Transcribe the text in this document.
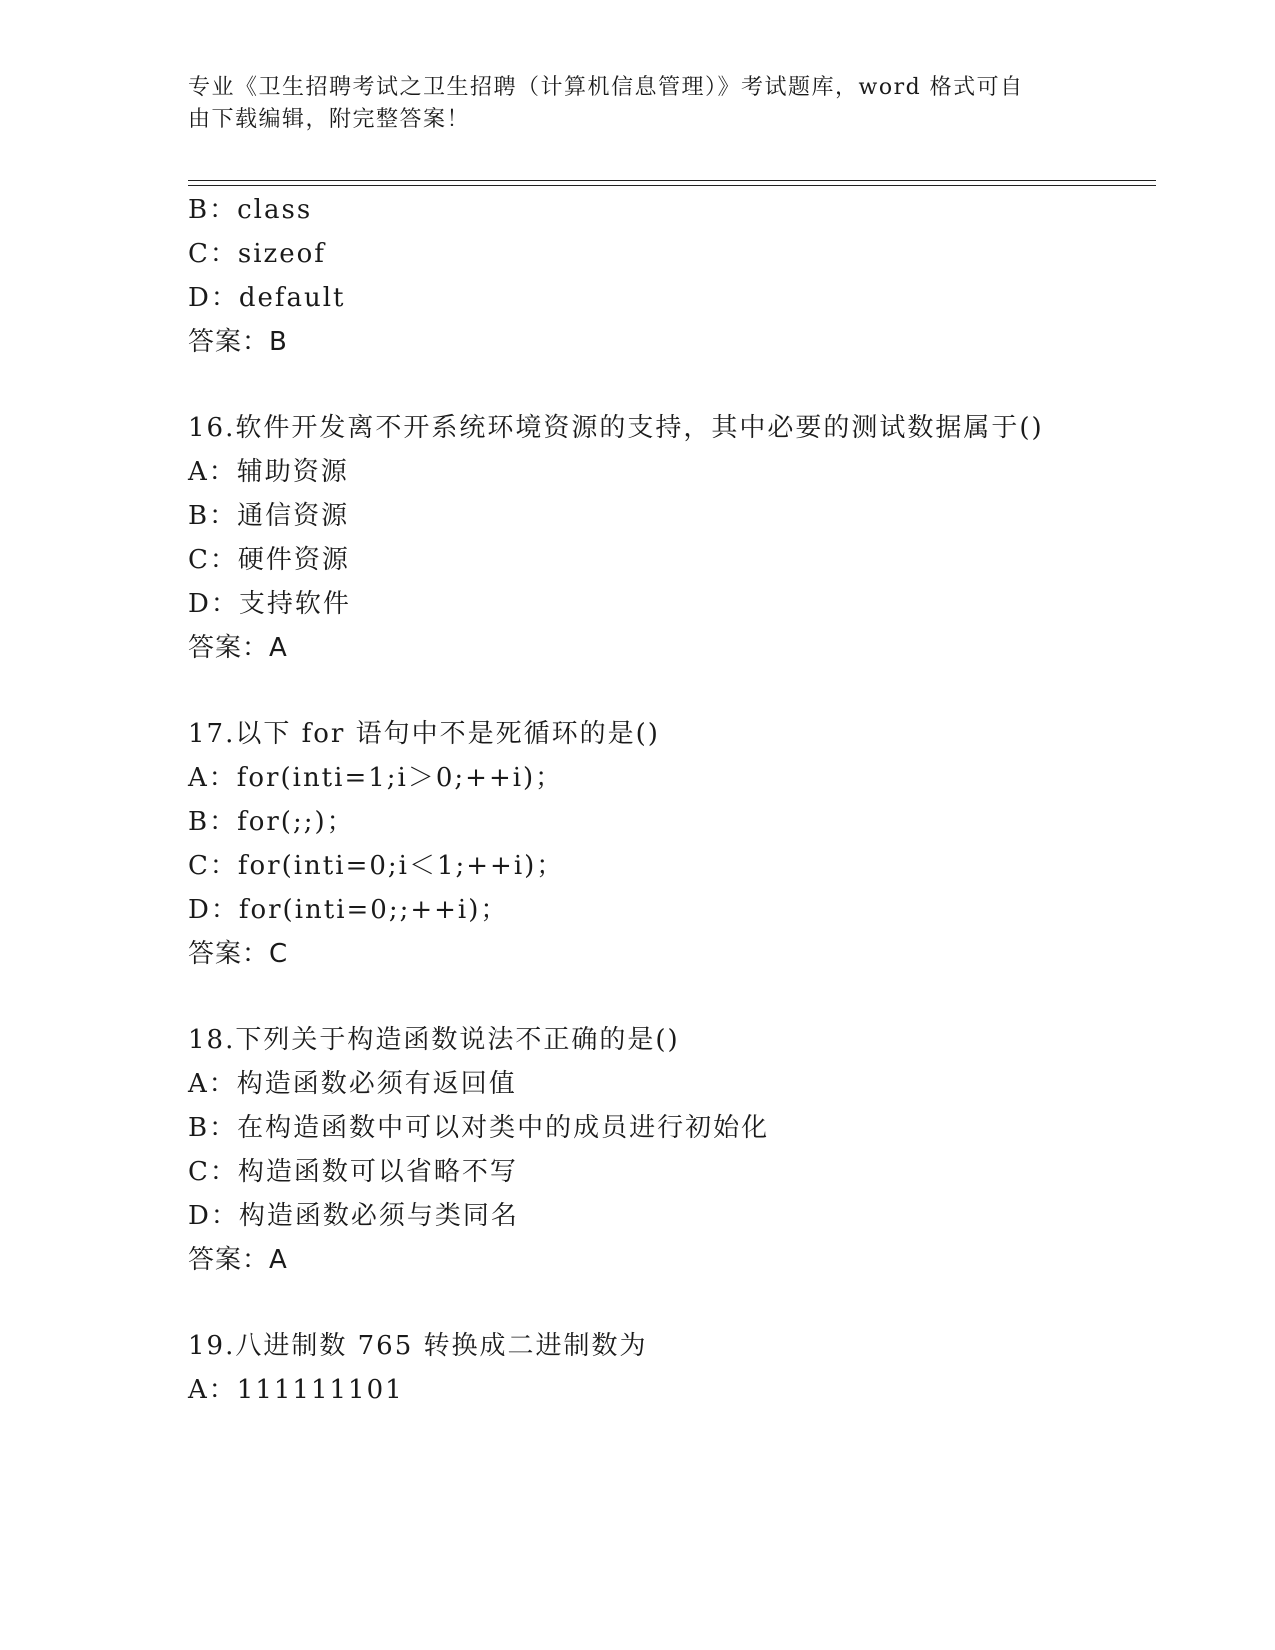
专业《卫生招聘考试之卫生招聘（计算机信息管理）》考试题库，word 格式可自
由下载编辑，附完整答案！
B：class
C：sizeof
D：default
答案：B
16.软件开发离不开系统环境资源的支持，其中必要的测试数据属于()
A：辅助资源
B：通信资源
C：硬件资源
D：支持软件
答案：A
17.以下 for 语句中不是死循环的是()
A：for(inti=1;i＞0;++i)；
B：for(;;)；
C：for(inti=0;i＜1;++i)；
D：for(inti=0;;++i)；
答案：C
18.下列关于构造函数说法不正确的是()
A：构造函数必须有返回值
B：在构造函数中可以对类中的成员进行初始化
C：构造函数可以省略不写
D：构造函数必须与类同名
答案：A
19.八进制数 765 转换成二进制数为
A：111111101
